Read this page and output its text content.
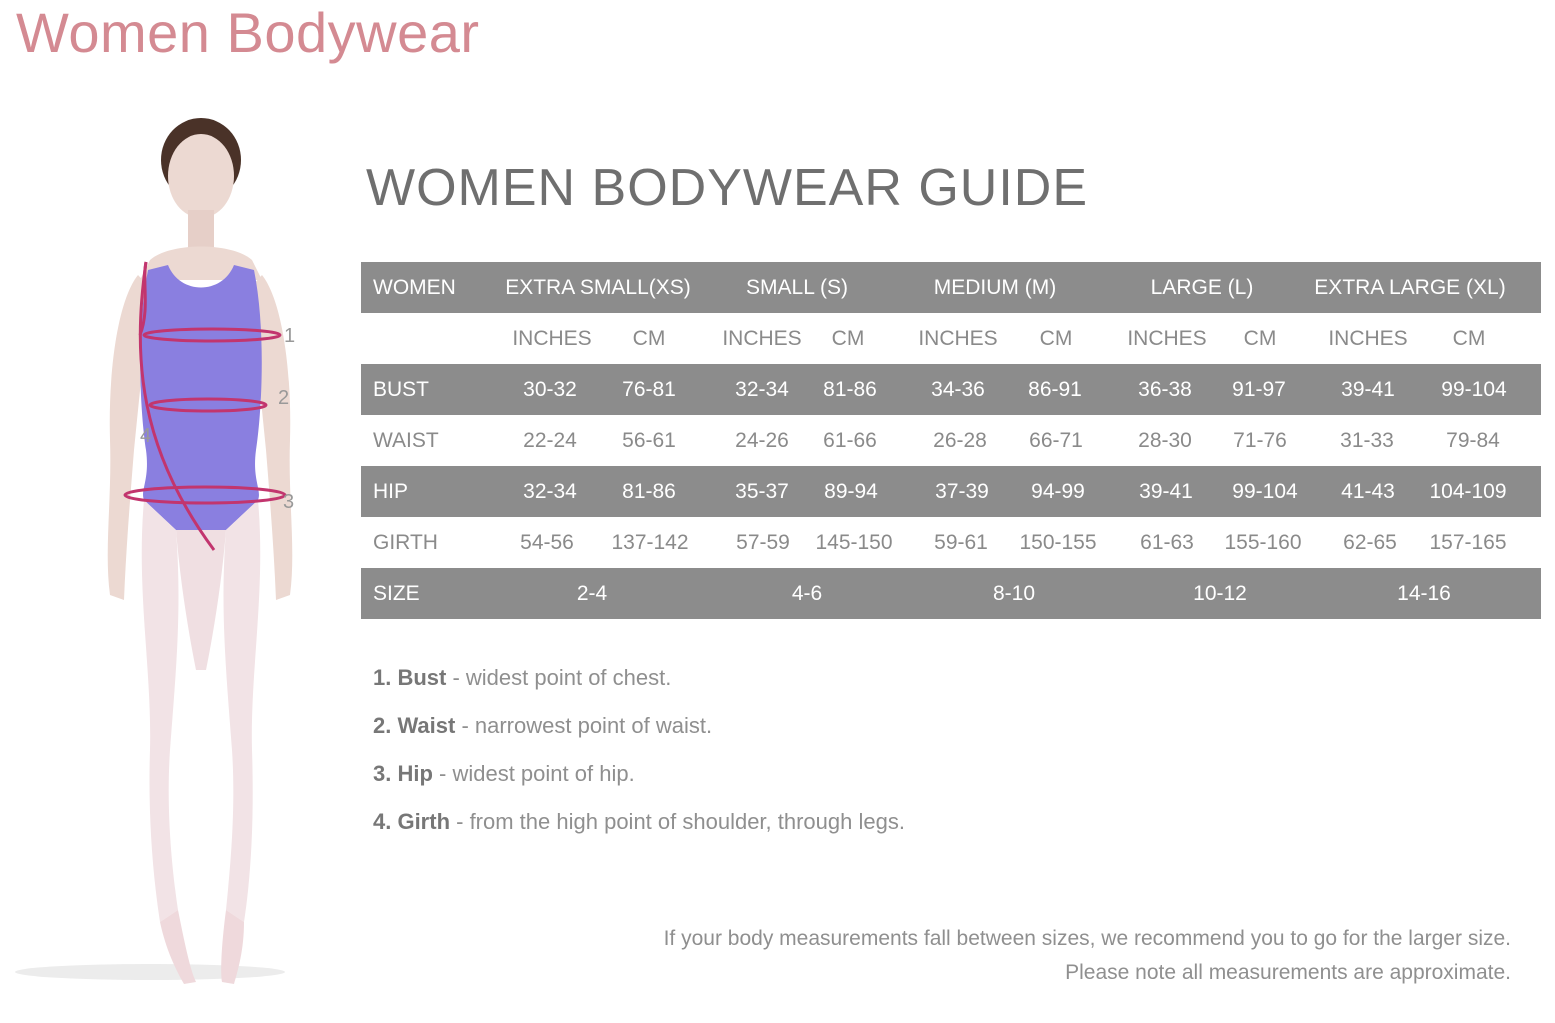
Women Bodywear
1
2
3
4
WOMEN BODYWEAR GUIDE
WOMEN EXTRA SMALL(XS)	SMALL (S)	MEDIUM (M)	LARGE (L)	EXTRA LARGE (XL)
INCHES CM	INCHES CM	INCHES CM	INCHES CM INCHES CM
BUST	30-32 76-81	32-34 81-86	34-36 86-91	36-38 91-97	39-41 99-104
WAIST	22-24 56-61	24-26 61-66	26-28 66-71	28-30 71-76	31-33 79-84
HIP	32-34 81-86	35-37 89-94	37-39 94-99	39-41 99-104 41-43 104-109
GIRTH	54-56 137-142 57-59 145-150 59-61 150-155 61-63 155-160 62-65 157-165
SIZE	2-4	4-6	8-10	10-12	14-16
1. Bust - widest point of chest.
2. Waist - narrowest point of waist.
3. Hip - widest point of hip.
4. Girth - from the high point of shoulder, through legs.
If your body measurements fall between sizes, we recommend you to go for the larger size.
Please note all measurements are approximate.
